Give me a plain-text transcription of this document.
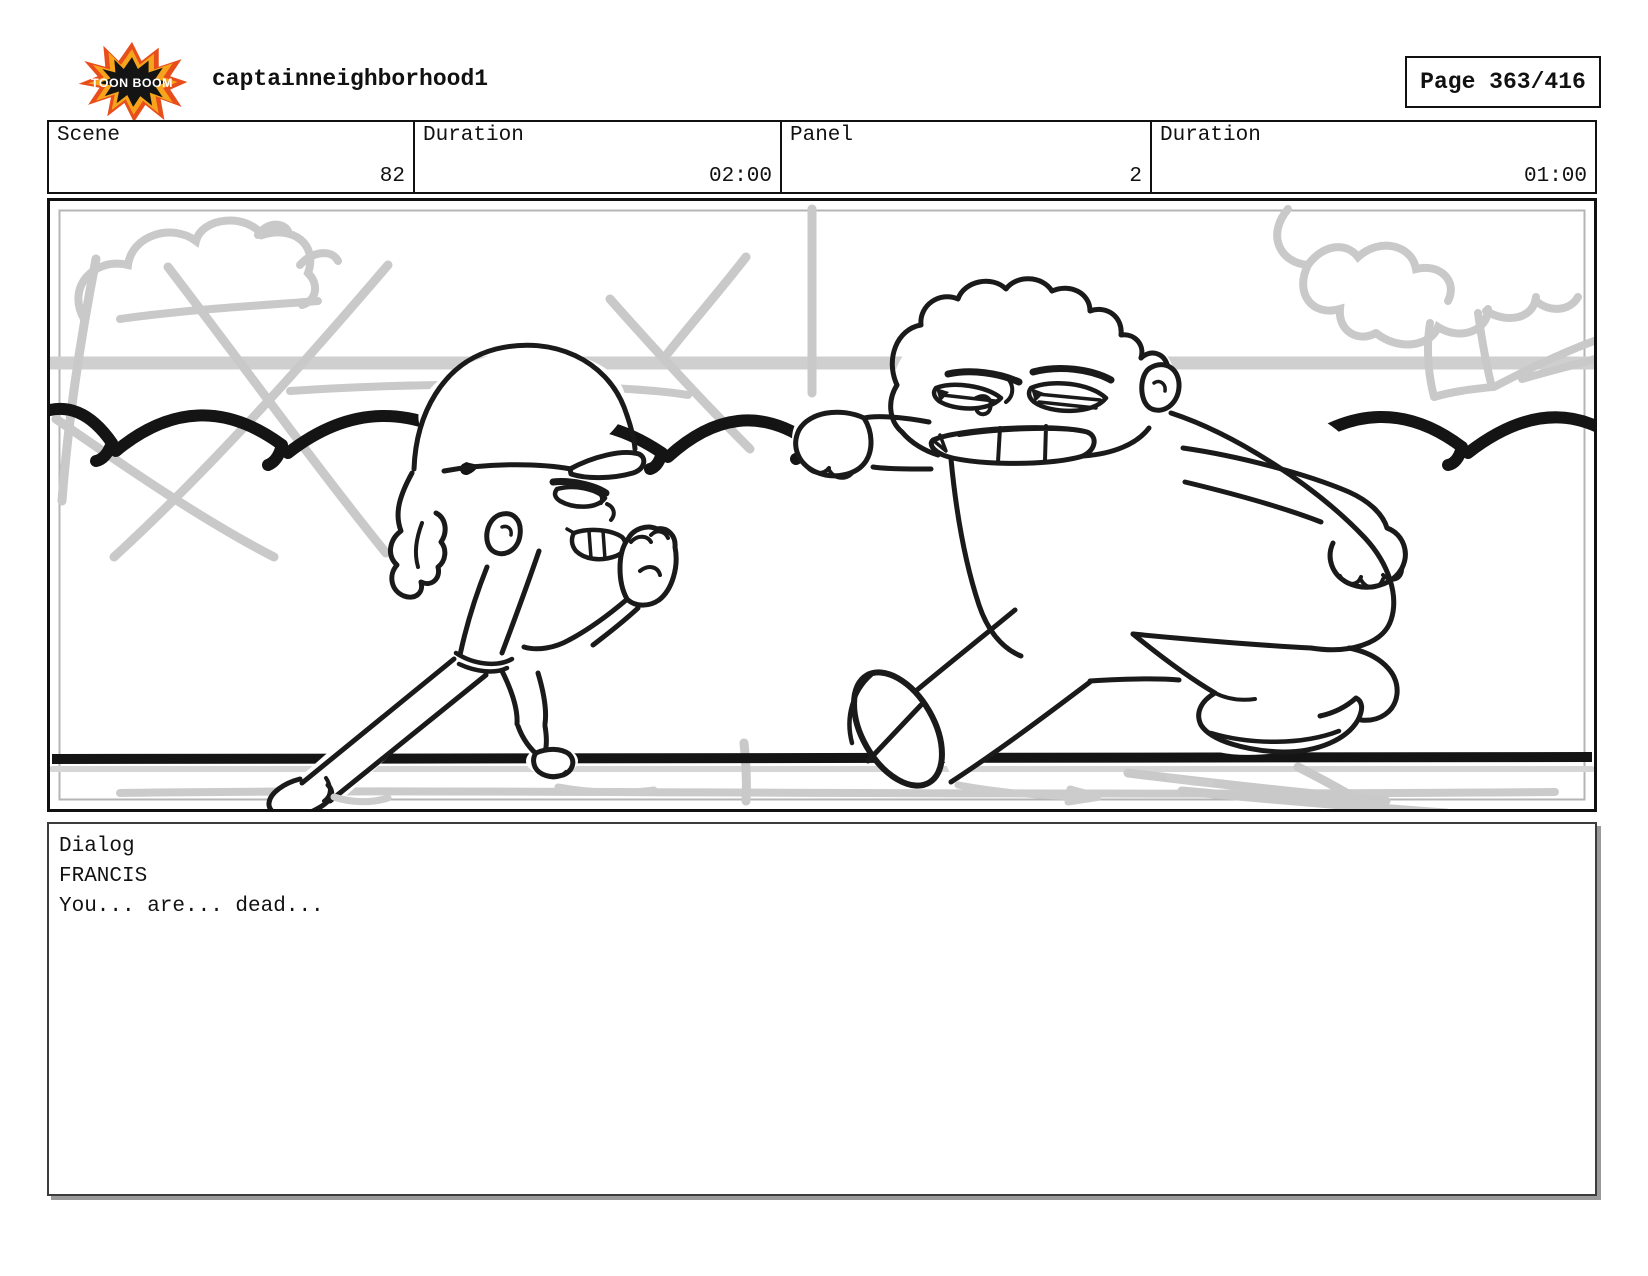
TOON BOOM captainneighborhood1	Page 363/416
Scene
82
Duration
02:00
Panel
2
Duration
01:00
Dialog
FRANCIS
You... are... dead...
